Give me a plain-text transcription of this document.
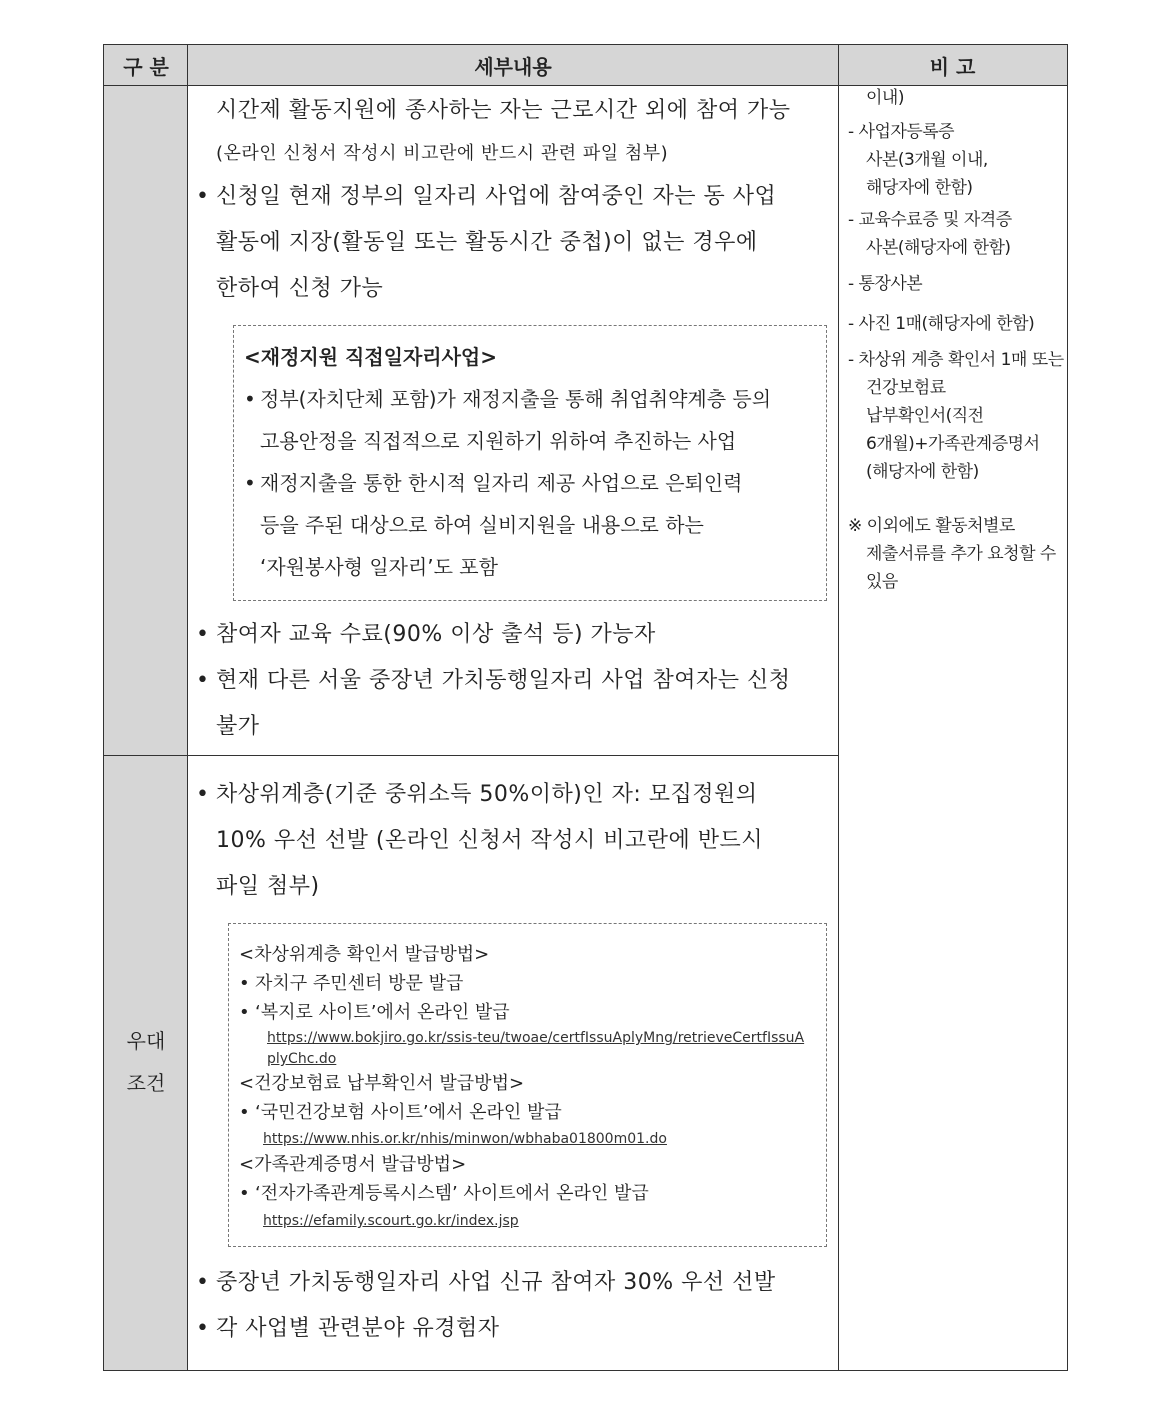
구 분	세부내용	비 고
우대
조건

시간제 활동지원에 종사하는 자는 근로시간 외에 참여 가능

(온라인 신청서 작성시 비고란에 반드시 관련 파일 첨부)

• 신청일 현재 정부의 일자리 사업에 참여중인 자는 동 사업

활동에 지장(활동일 또는 활동시간 중첩)이 없는 경우에

한하여 신청 가능

<재정지원 직접일자리사업>

• 정부(자치단체 포함)가 재정지출을 통해 취업취약계층 등의

고용안정을 직접적으로 지원하기 위하여 추진하는 사업

• 재정지출을 통한 한시적 일자리 제공 사업으로 은퇴인력

등을 주된 대상으로 하여 실비지원을 내용으로 하는

‘자원봉사형 일자리’도 포함

• 참여자 교육 수료(90% 이상 출석 등) 가능자

• 현재 다른 서울 중장년 가치동행일자리 사업 참여자는 신청

불가

• 차상위계층(기준 중위소득 50%이하)인 자: 모집정원의

10% 우선 선발 (온라인 신청서 작성시 비고란에 반드시

파일 첨부)

<차상위계층 확인서 발급방법>

• 자치구 주민센터 방문 발급

• ‘복지로 사이트’에서 온라인 발급

https://www.bokjiro.go.kr/ssis-teu/twoae/certfIssuAplyMng/retrieveCertfIssuA

plyChc.do

<건강보험료 납부확인서 발급방법>

• ‘국민건강보험 사이트’에서 온라인 발급

https://www.nhis.or.kr/nhis/minwon/wbhaba01800m01.do

<가족관계증명서 발급방법>

• ‘전자가족관계등록시스템’ 사이트에서 온라인 발급

https://efamily.scourt.go.kr/index.jsp

• 중장년 가치동행일자리 사업 신규 참여자 30% 우선 선발

• 각 사업별 관련분야 유경험자

이내)

- 사업자등록증

사본(3개월 이내,

해당자에 한함)

- 교육수료증 및 자격증

사본(해당자에 한함)

- 통장사본

- 사진 1매(해당자에 한함)

- 차상위 계층 확인서 1매 또는

건강보험료

납부확인서(직전

6개월)+가족관계증명서

(해당자에 한함)

※ 이외에도 활동처별로

제출서류를 추가 요청할 수

있음
